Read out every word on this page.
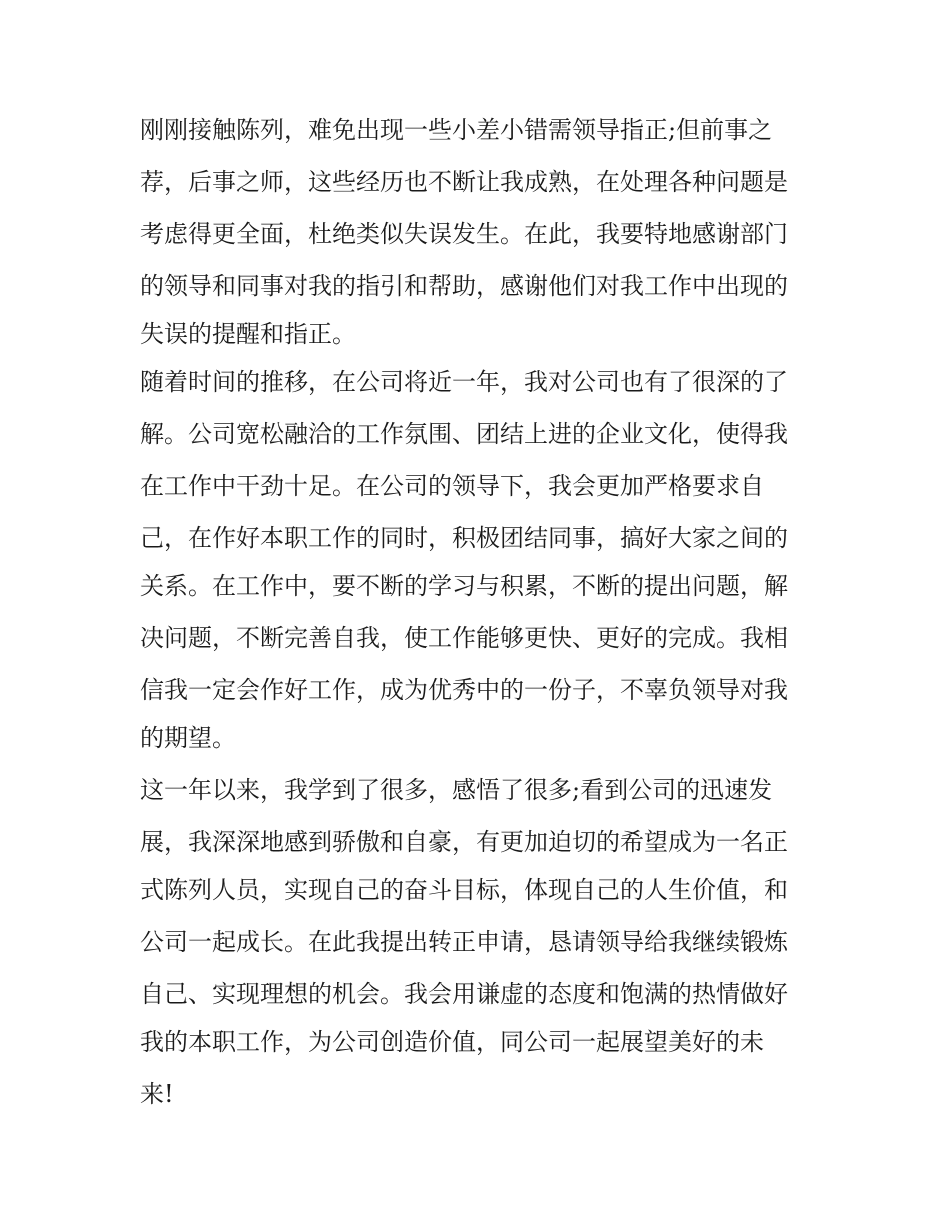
刚刚接触陈列，难免出现一些小差小错需领导指正;但前事之

荐，后事之师，这些经历也不断让我成熟，在处理各种问题是

考虑得更全面，杜绝类似失误发生。在此，我要特地感谢部门

的领导和同事对我的指引和帮助，感谢他们对我工作中出现的

失误的提醒和指正。

随着时间的推移，在公司将近一年，我对公司也有了很深的了

解。公司宽松融洽的工作氛围、团结上进的企业文化，使得我

在工作中干劲十足。在公司的领导下，我会更加严格要求自

己，在作好本职工作的同时，积极团结同事，搞好大家之间的

关系。在工作中，要不断的学习与积累，不断的提出问题，解

决问题，不断完善自我，使工作能够更快、更好的完成。我相

信我一定会作好工作，成为优秀中的一份子，不辜负领导对我

的期望。

这一年以来，我学到了很多，感悟了很多;看到公司的迅速发

展，我深深地感到骄傲和自豪，有更加迫切的希望成为一名正

式陈列人员，实现自己的奋斗目标，体现自己的人生价值，和

公司一起成长。在此我提出转正申请，恳请领导给我继续锻炼

自己、实现理想的机会。我会用谦虚的态度和饱满的热情做好

我的本职工作，为公司创造价值，同公司一起展望美好的未

来!
